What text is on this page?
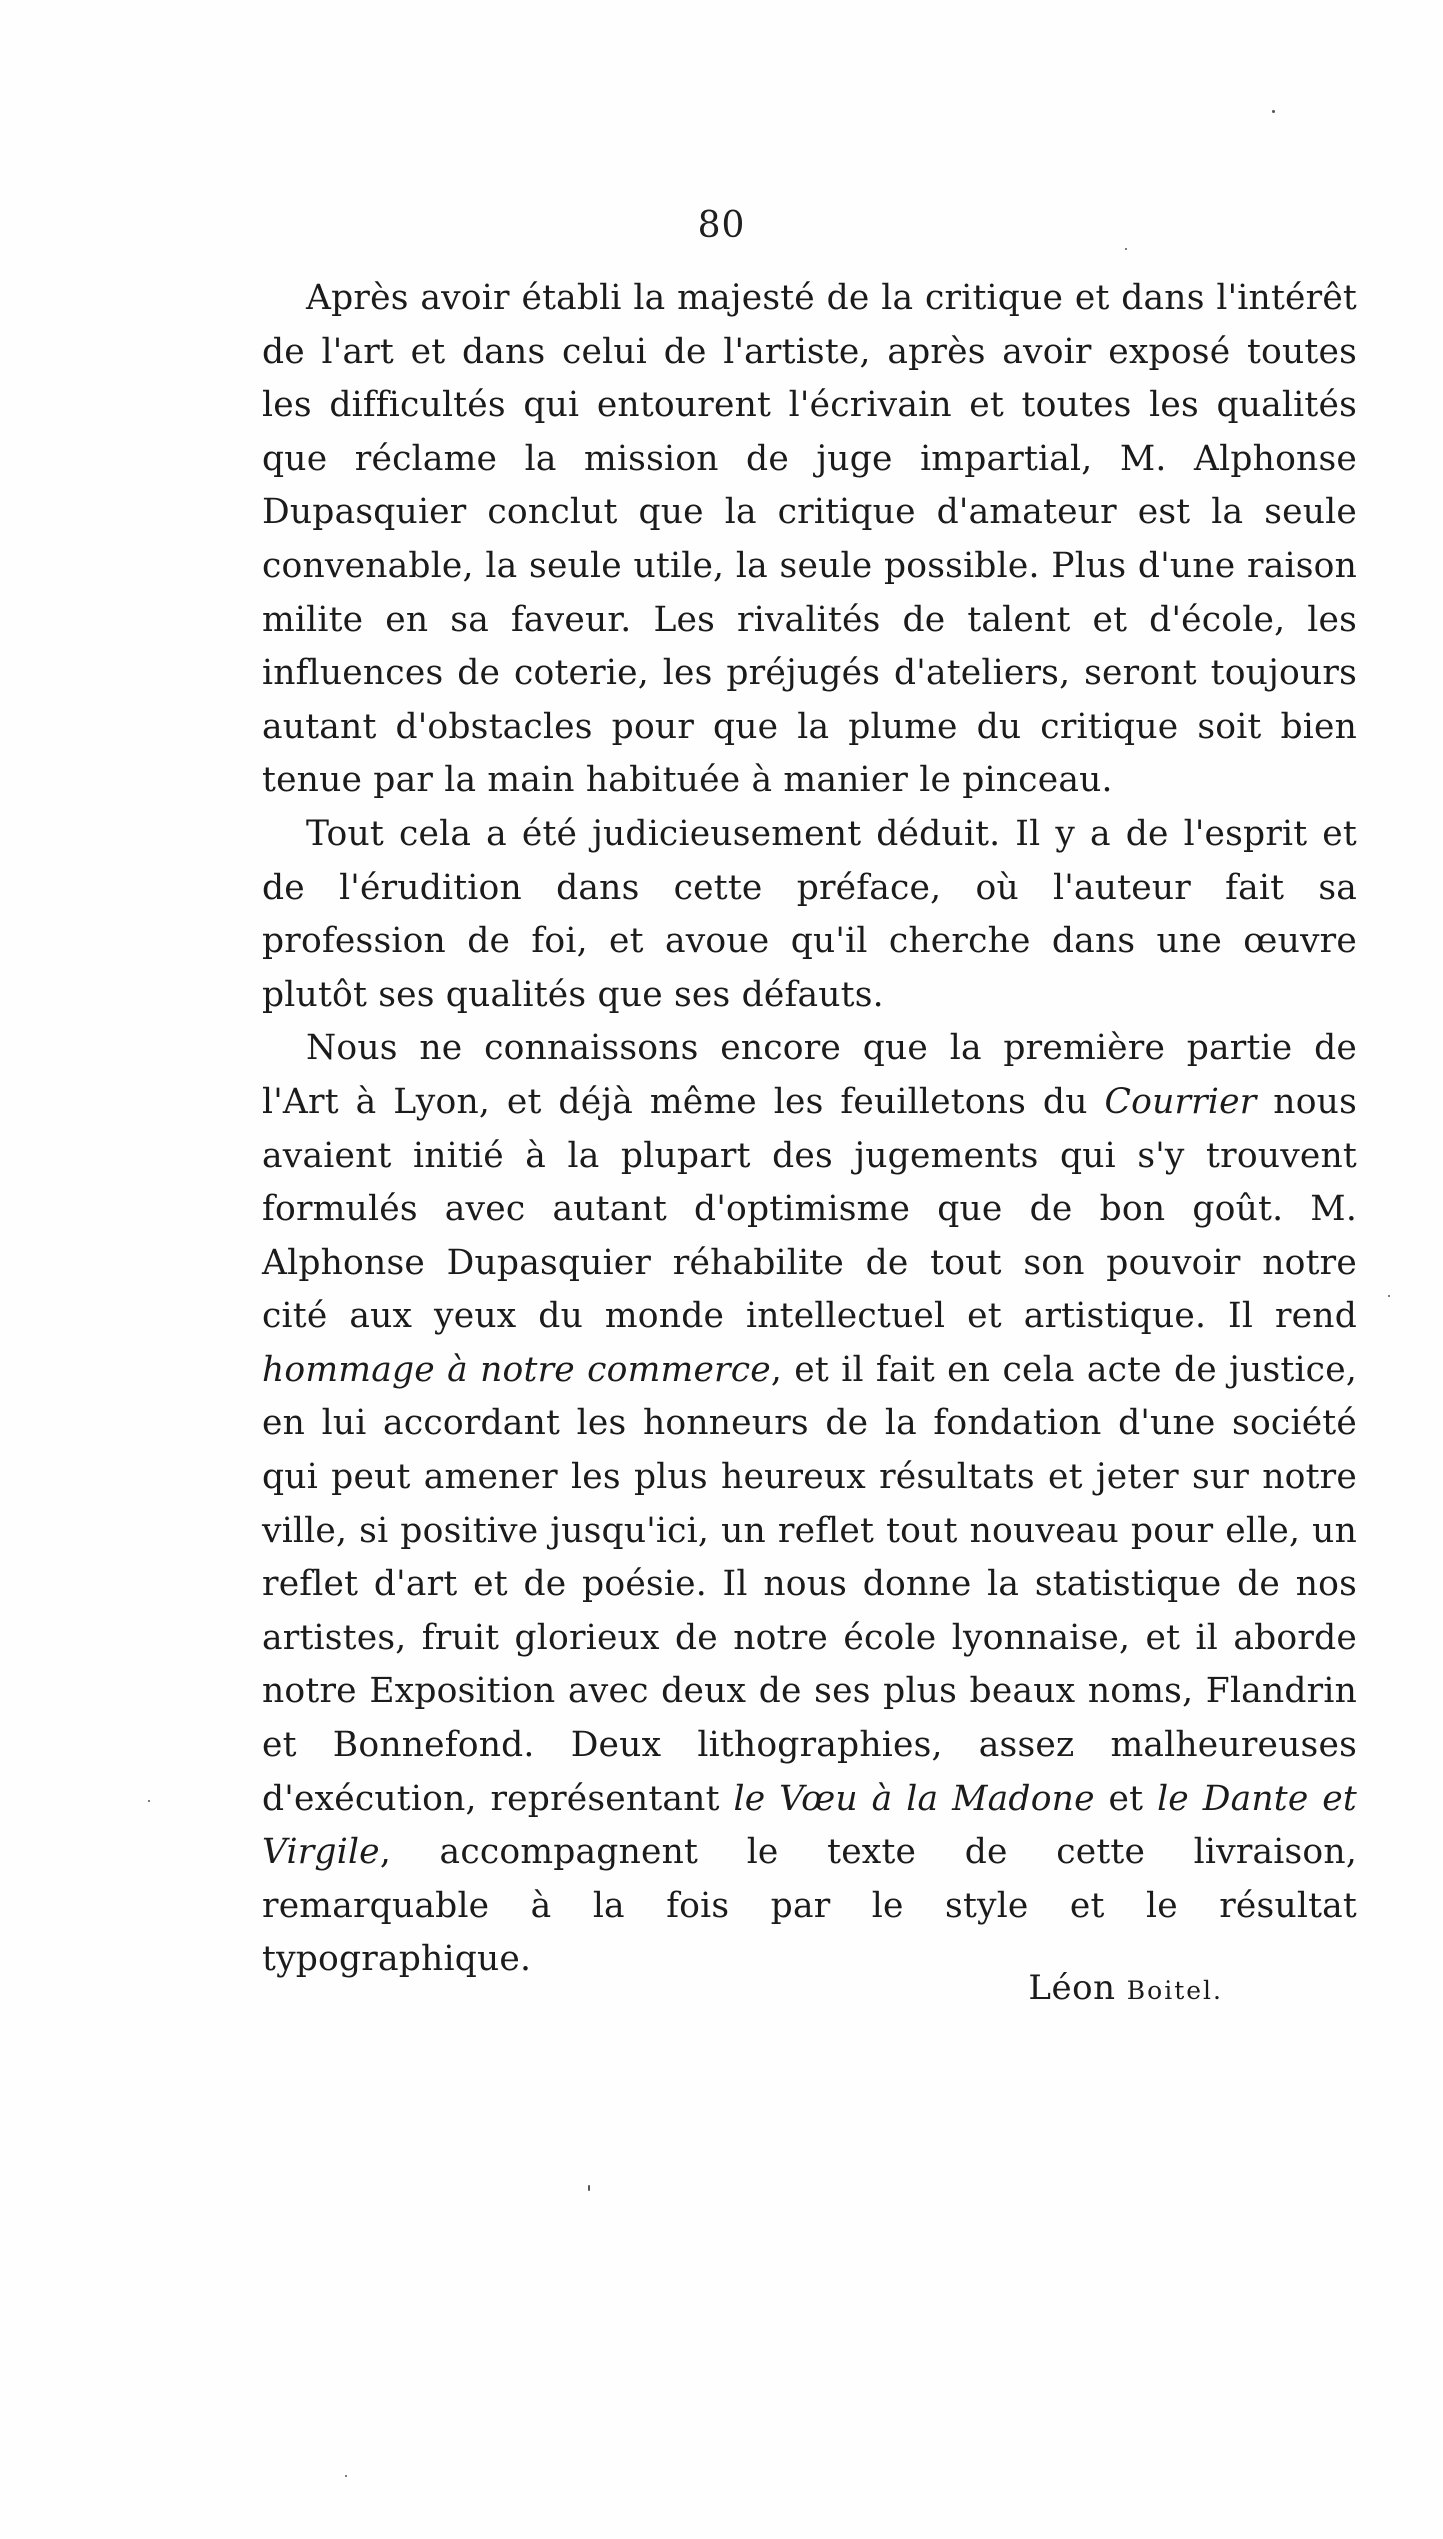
80

Après avoir établi la majesté de la critique et dans l'intérêt de l'art et dans celui de l'artiste, après avoir exposé toutes les difficultés qui entourent l'écrivain et toutes les qualités que réclame la mission de juge impartial, M. Alphonse Dupasquier conclut que la critique d'amateur est la seule convenable, la seule utile, la seule possible. Plus d'une raison milite en sa faveur. Les rivalités de talent et d'école, les influences de coterie, les préjugés d'ateliers, seront toujours autant d'obstacles pour que la plume du critique soit bien tenue par la main habituée à manier le pinceau.

Tout cela a été judicieusement déduit. Il y a de l'esprit et de l'érudition dans cette préface, où l'auteur fait sa profession de foi, et avoue qu'il cherche dans une œuvre plutôt ses qualités que ses défauts.

Nous ne connaissons encore que la première partie de l'Art à Lyon, et déjà même les feuilletons du Courrier nous avaient initié à la plupart des jugements qui s'y trouvent formulés avec autant d'optimisme que de bon goût. M. Alphonse Dupasquier réhabilite de tout son pouvoir notre cité aux yeux du monde intellectuel et artistique. Il rend hommage à notre commerce, et il fait en cela acte de justice, en lui accordant les honneurs de la fondation d'une société qui peut amener les plus heureux résultats et jeter sur notre ville, si positive jusqu'ici, un reflet tout nouveau pour elle, un reflet d'art et de poésie. Il nous donne la statistique de nos artistes, fruit glorieux de notre école lyonnaise, et il aborde notre Exposition avec deux de ses plus beaux noms, Flandrin et Bonnefond. Deux lithographies, assez malheureuses d'exécution, représentant le Vœu à la Madone et le Dante et Virgile, accompagnent le texte de cette livraison, remarquable à la fois par le style et le résultat typographique.

Léon Boitel.
